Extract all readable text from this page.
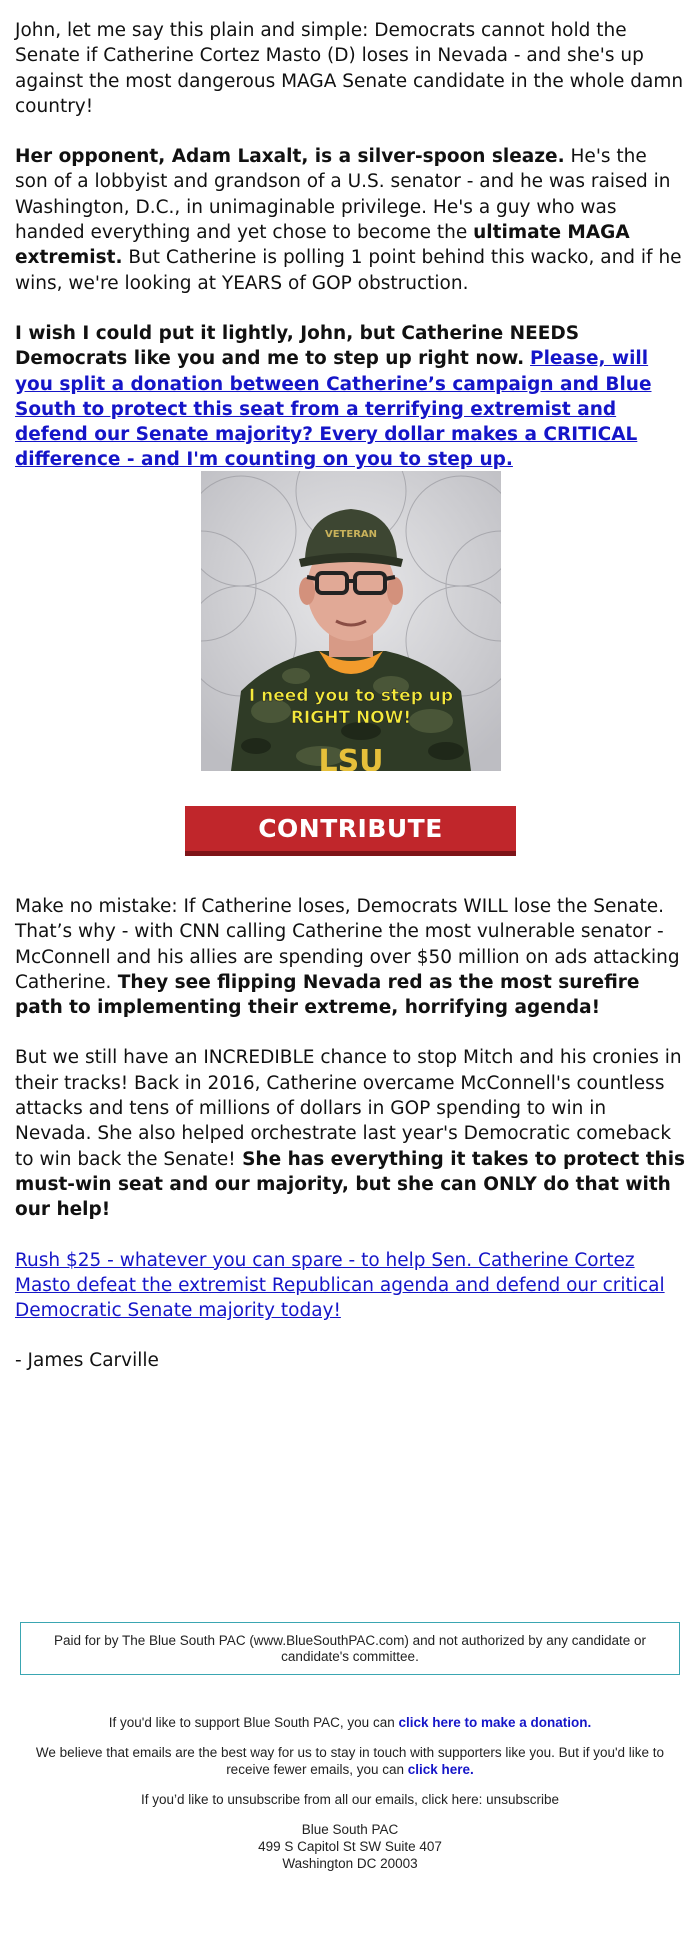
John, let me say this plain and simple: Democrats cannot hold the Senate if Catherine Cortez Masto (D) loses in Nevada - and she's up against the most dangerous MAGA Senate candidate in the whole damn country!

Her opponent, Adam Laxalt, is a silver-spoon sleaze. He's the son of a lobbyist and grandson of a U.S. senator - and he was raised in Washington, D.C., in unimaginable privilege. He's a guy who was handed everything and yet chose to become the ultimate MAGA extremist. But Catherine is polling 1 point behind this wacko, and if he wins, we're looking at YEARS of GOP obstruction.

I wish I could put it lightly, John, but Catherine NEEDS Democrats like you and me to step up right now. Please, will you split a donation between Catherine’s campaign and Blue South to protect this seat from a terrifying extremist and defend our Senate majority? Every dollar makes a CRITICAL difference - and I'm counting on you to step up.

VETERAN
I need you to step up
RIGHT NOW!
LSU
CONTRIBUTE

Make no mistake: If Catherine loses, Democrats WILL lose the Senate. That’s why - with CNN calling Catherine the most vulnerable senator - McConnell and his allies are spending over $50 million on ads attacking Catherine. They see flipping Nevada red as the most surefire path to implementing their extreme, horrifying agenda!

But we still have an INCREDIBLE chance to stop Mitch and his cronies in their tracks! Back in 2016, Catherine overcame McConnell's countless attacks and tens of millions of dollars in GOP spending to win in Nevada. She also helped orchestrate last year's Democratic comeback to win back the Senate! She has everything it takes to protect this must-win seat and our majority, but she can ONLY do that with our help!

Rush $25 - whatever you can spare - to help Sen. Catherine Cortez Masto defeat the extremist Republican agenda and defend our critical Democratic Senate majority today!

- James Carville

Paid for by The Blue South PAC (www.BlueSouthPAC.com) and not authorized by any candidate or candidate's committee.

If you'd like to support Blue South PAC, you can click here to make a donation.

We believe that emails are the best way for us to stay in touch with supporters like you. But if you'd like to receive fewer emails, you can click here.

If you’d like to unsubscribe from all our emails, click here: unsubscribe

Blue South PAC
499 S Capitol St SW Suite 407
Washington DC 20003
